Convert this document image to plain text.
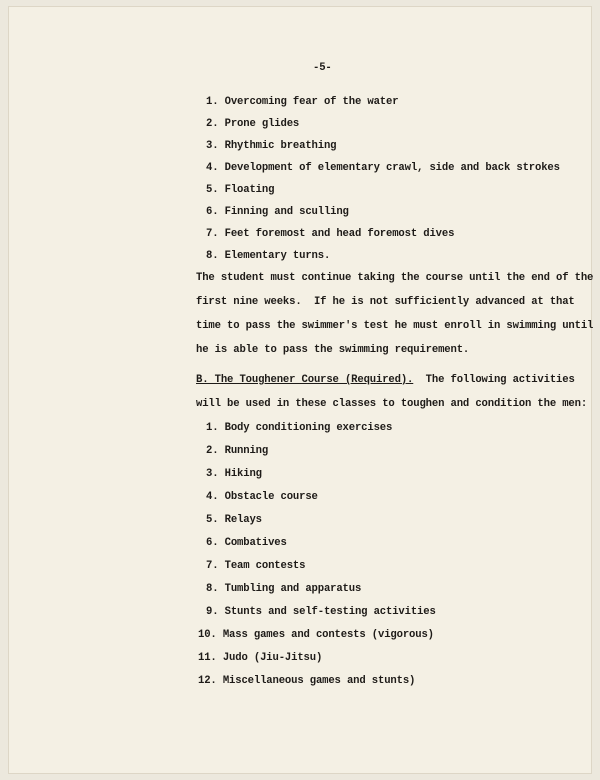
-5-
1. Overcoming fear of the water
2. Prone glides
3. Rhythmic breathing
4. Development of elementary crawl, side and back strokes
5. Floating
6. Finning and sculling
7. Feet foremost and head foremost dives
8. Elementary turns.
The student must continue taking the course until the end of the
first nine weeks.  If he is not sufficiently advanced at that
time to pass the swimmer's test he must enroll in swimming until
he is able to pass the swimming requirement.
B. The Toughener Course (Required).  The following activities
will be used in these classes to toughen and condition the men:
1. Body conditioning exercises
2. Running
3. Hiking
4. Obstacle course
5. Relays
6. Combatives
7. Team contests
8. Tumbling and apparatus
9. Stunts and self-testing activities
10. Mass games and contests (vigorous)
11. Judo (Jiu-Jitsu)
12. Miscellaneous games and stunts)
